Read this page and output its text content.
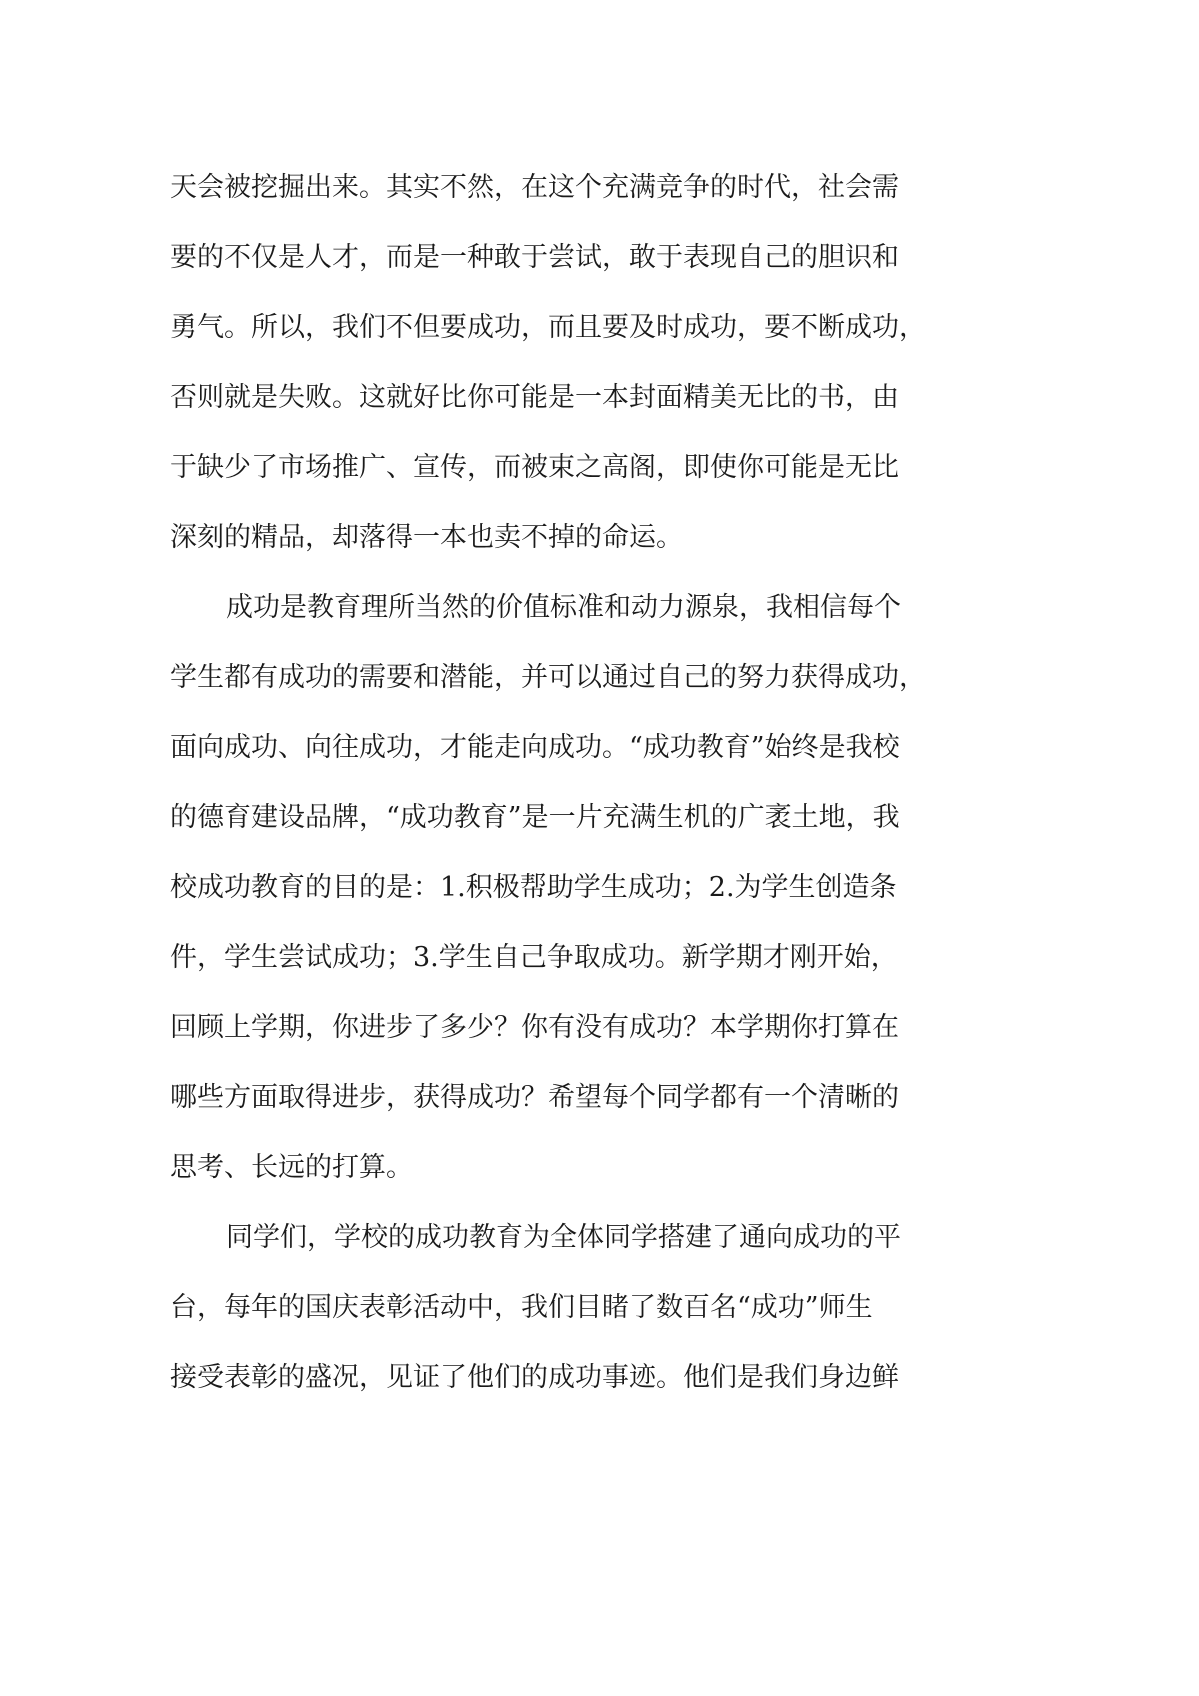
天会被挖掘出来。其实不然，在这个充满竞争的时代，社会需
要的不仅是人才，而是一种敢于尝试，敢于表现自己的胆识和
勇气。所以，我们不但要成功，而且要及时成功，要不断成功，
否则就是失败。这就好比你可能是一本封面精美无比的书，由
于缺少了市场推广、宣传，而被束之高阁，即使你可能是无比
深刻的精品，却落得一本也卖不掉的命运。
成功是教育理所当然的价值标准和动力源泉，我相信每个
学生都有成功的需要和潜能，并可以通过自己的努力获得成功，
面向成功、向往成功，才能走向成功。“成功教育”始终是我校
的德育建设品牌，“成功教育”是一片充满生机的广袤土地，我
校成功教育的目的是：1.积极帮助学生成功；2.为学生创造条
件，学生尝试成功；3.学生自己争取成功。新学期才刚开始，
回顾上学期，你进步了多少？你有没有成功？本学期你打算在
哪些方面取得进步，获得成功？希望每个同学都有一个清晰的
思考、长远的打算。
同学们，学校的成功教育为全体同学搭建了通向成功的平
台，每年的国庆表彰活动中，我们目睹了数百名“成功”师生
接受表彰的盛况，见证了他们的成功事迹。他们是我们身边鲜
